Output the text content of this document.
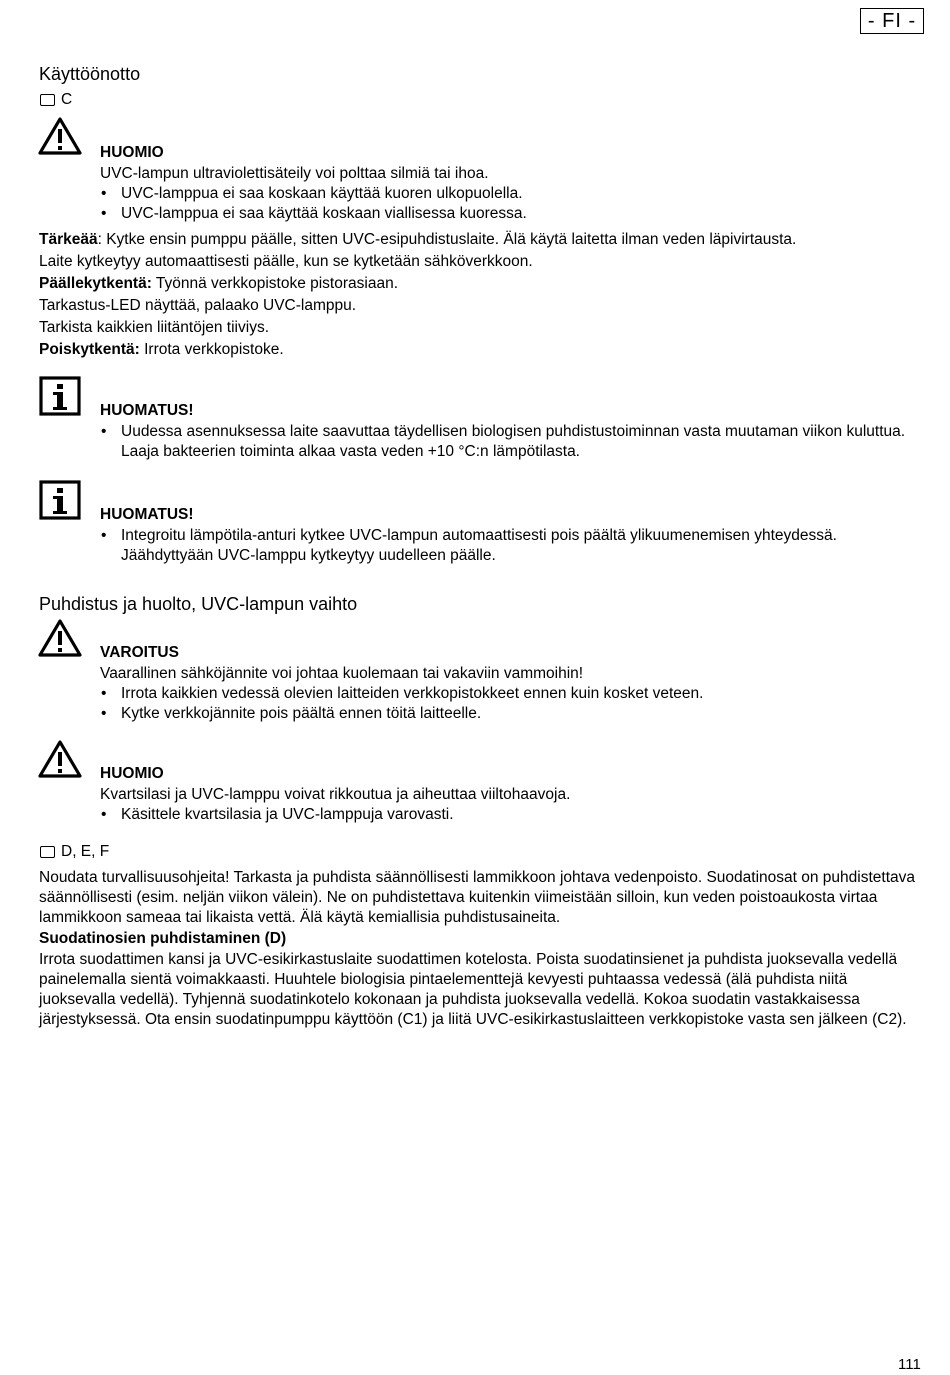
- FI -
Käyttöönotto
C
HUOMIO
UVC-lampun ultraviolettisäteily voi polttaa silmiä tai ihoa.
• UVC-lamppua ei saa koskaan käyttää kuoren ulkopuolella.
• UVC-lamppua ei saa käyttää koskaan viallisessa kuoressa.
Tärkeää: Kytke ensin pumppu päälle, sitten UVC-esipuhdistuslaite. Älä käytä laitetta ilman veden läpivirtausta.
Laite kytkeytyy automaattisesti päälle, kun se kytketään sähköverkkoon.
Päällekytkentä: Työnnä verkkopistoke pistorasiaan.
Tarkastus-LED näyttää, palaako UVC-lamppu.
Tarkista kaikkien liitäntöjen tiiviys.
Poiskytkentä: Irrota verkkopistoke.
HUOMATUS!
• Uudessa asennuksessa laite saavuttaa täydellisen biologisen puhdistustoiminnan vasta muutaman viikon kuluttua. Laaja bakteerien toiminta alkaa vasta veden +10 °C:n lämpötilasta.
HUOMATUS!
• Integroitu lämpötila-anturi kytkee UVC-lampun automaattisesti pois päältä ylikuumenemisen yhteydessä. Jäähdyttyään UVC-lamppu kytkeytyy uudelleen päälle.
Puhdistus ja huolto, UVC-lampun vaihto
VAROITUS
Vaarallinen sähköjännite voi johtaa kuolemaan tai vakaviin vammoihin!
• Irrota kaikkien vedessä olevien laitteiden verkkopistokkeet ennen kuin kosket veteen.
• Kytke verkkojännite pois päältä ennen töitä laitteelle.
HUOMIO
Kvartsilasi ja UVC-lamppu voivat rikkoutua ja aiheuttaa viiltohaavoja.
• Käsittele kvartsilasia ja UVC-lamppuja varovasti.
D, E, F

Noudata turvallisuusohjeita! Tarkasta ja puhdista säännöllisesti lammikkoon johtava vedenpoisto. Suodatinosat on puhdistettava säännöllisesti (esim. neljän viikon välein). Ne on puhdistettava kuitenkin viimeistään silloin, kun veden poistoaukosta virtaa lammikkoon sameaa tai likaista vettä. Älä käytä kemiallisia puhdistusaineita.

Suodatinosien puhdistaminen (D)

Irrota suodattimen kansi ja UVC-esikirkastuslaite suodattimen kotelosta. Poista suodatinsienet ja puhdista juoksevalla vedellä painelemalla sientä voimakkaasti. Huuhtele biologisia pintaelementtejä kevyesti puhtaassa vedessä (älä puhdista niitä juoksevalla vedellä). Tyhjennä suodatinkotelo kokonaan ja puhdista juoksevalla vedellä. Kokoa suodatin vastakkaisessa järjestyksessä. Ota ensin suodatinpumppu käyttöön (C1) ja liitä UVC-esikirkastuslaitteen verkkopistoke vasta sen jälkeen (C2).

111
